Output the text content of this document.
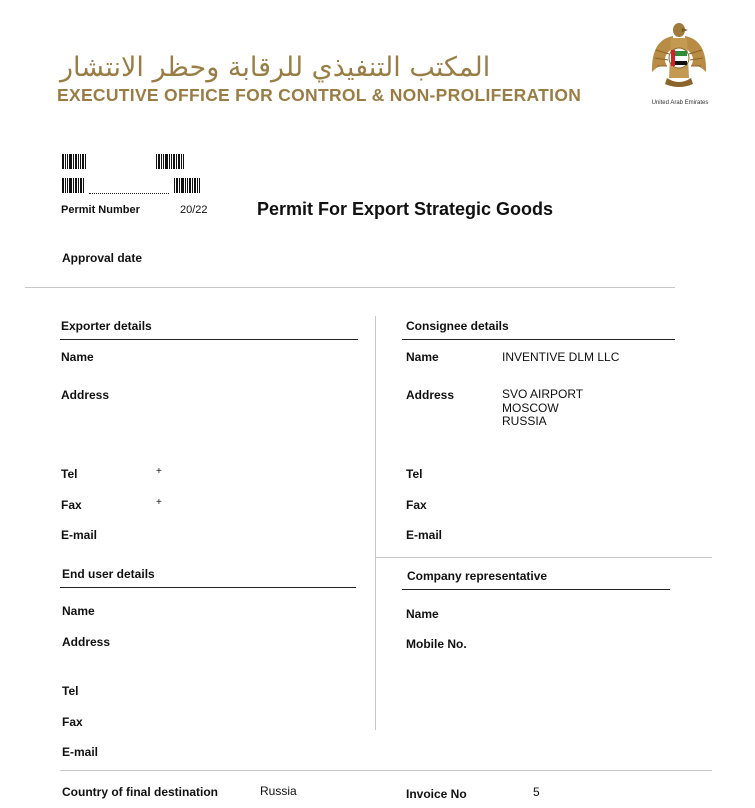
المكتب التنفيذي للرقابة وحظر الانتشار
EXECUTIVE OFFICE FOR CONTROL & NON-PROLIFERATION	United Arab Emirates

Permit Number	20/22	Permit For Export Strategic Goods
Approval date
Exporter details
Name
Address
Tel	+
Fax	+
E-mail
Consignee details
Name	INVENTIVE DLM LLC
Address	SVO AIRPORT
MOSCOW
RUSSIA
Tel
Fax
E-mail
End user details
Name
Address
Tel
Fax
E-mail
Company representative
Name
Mobile No.
Country of final destination	Russia	Invoice No	5
